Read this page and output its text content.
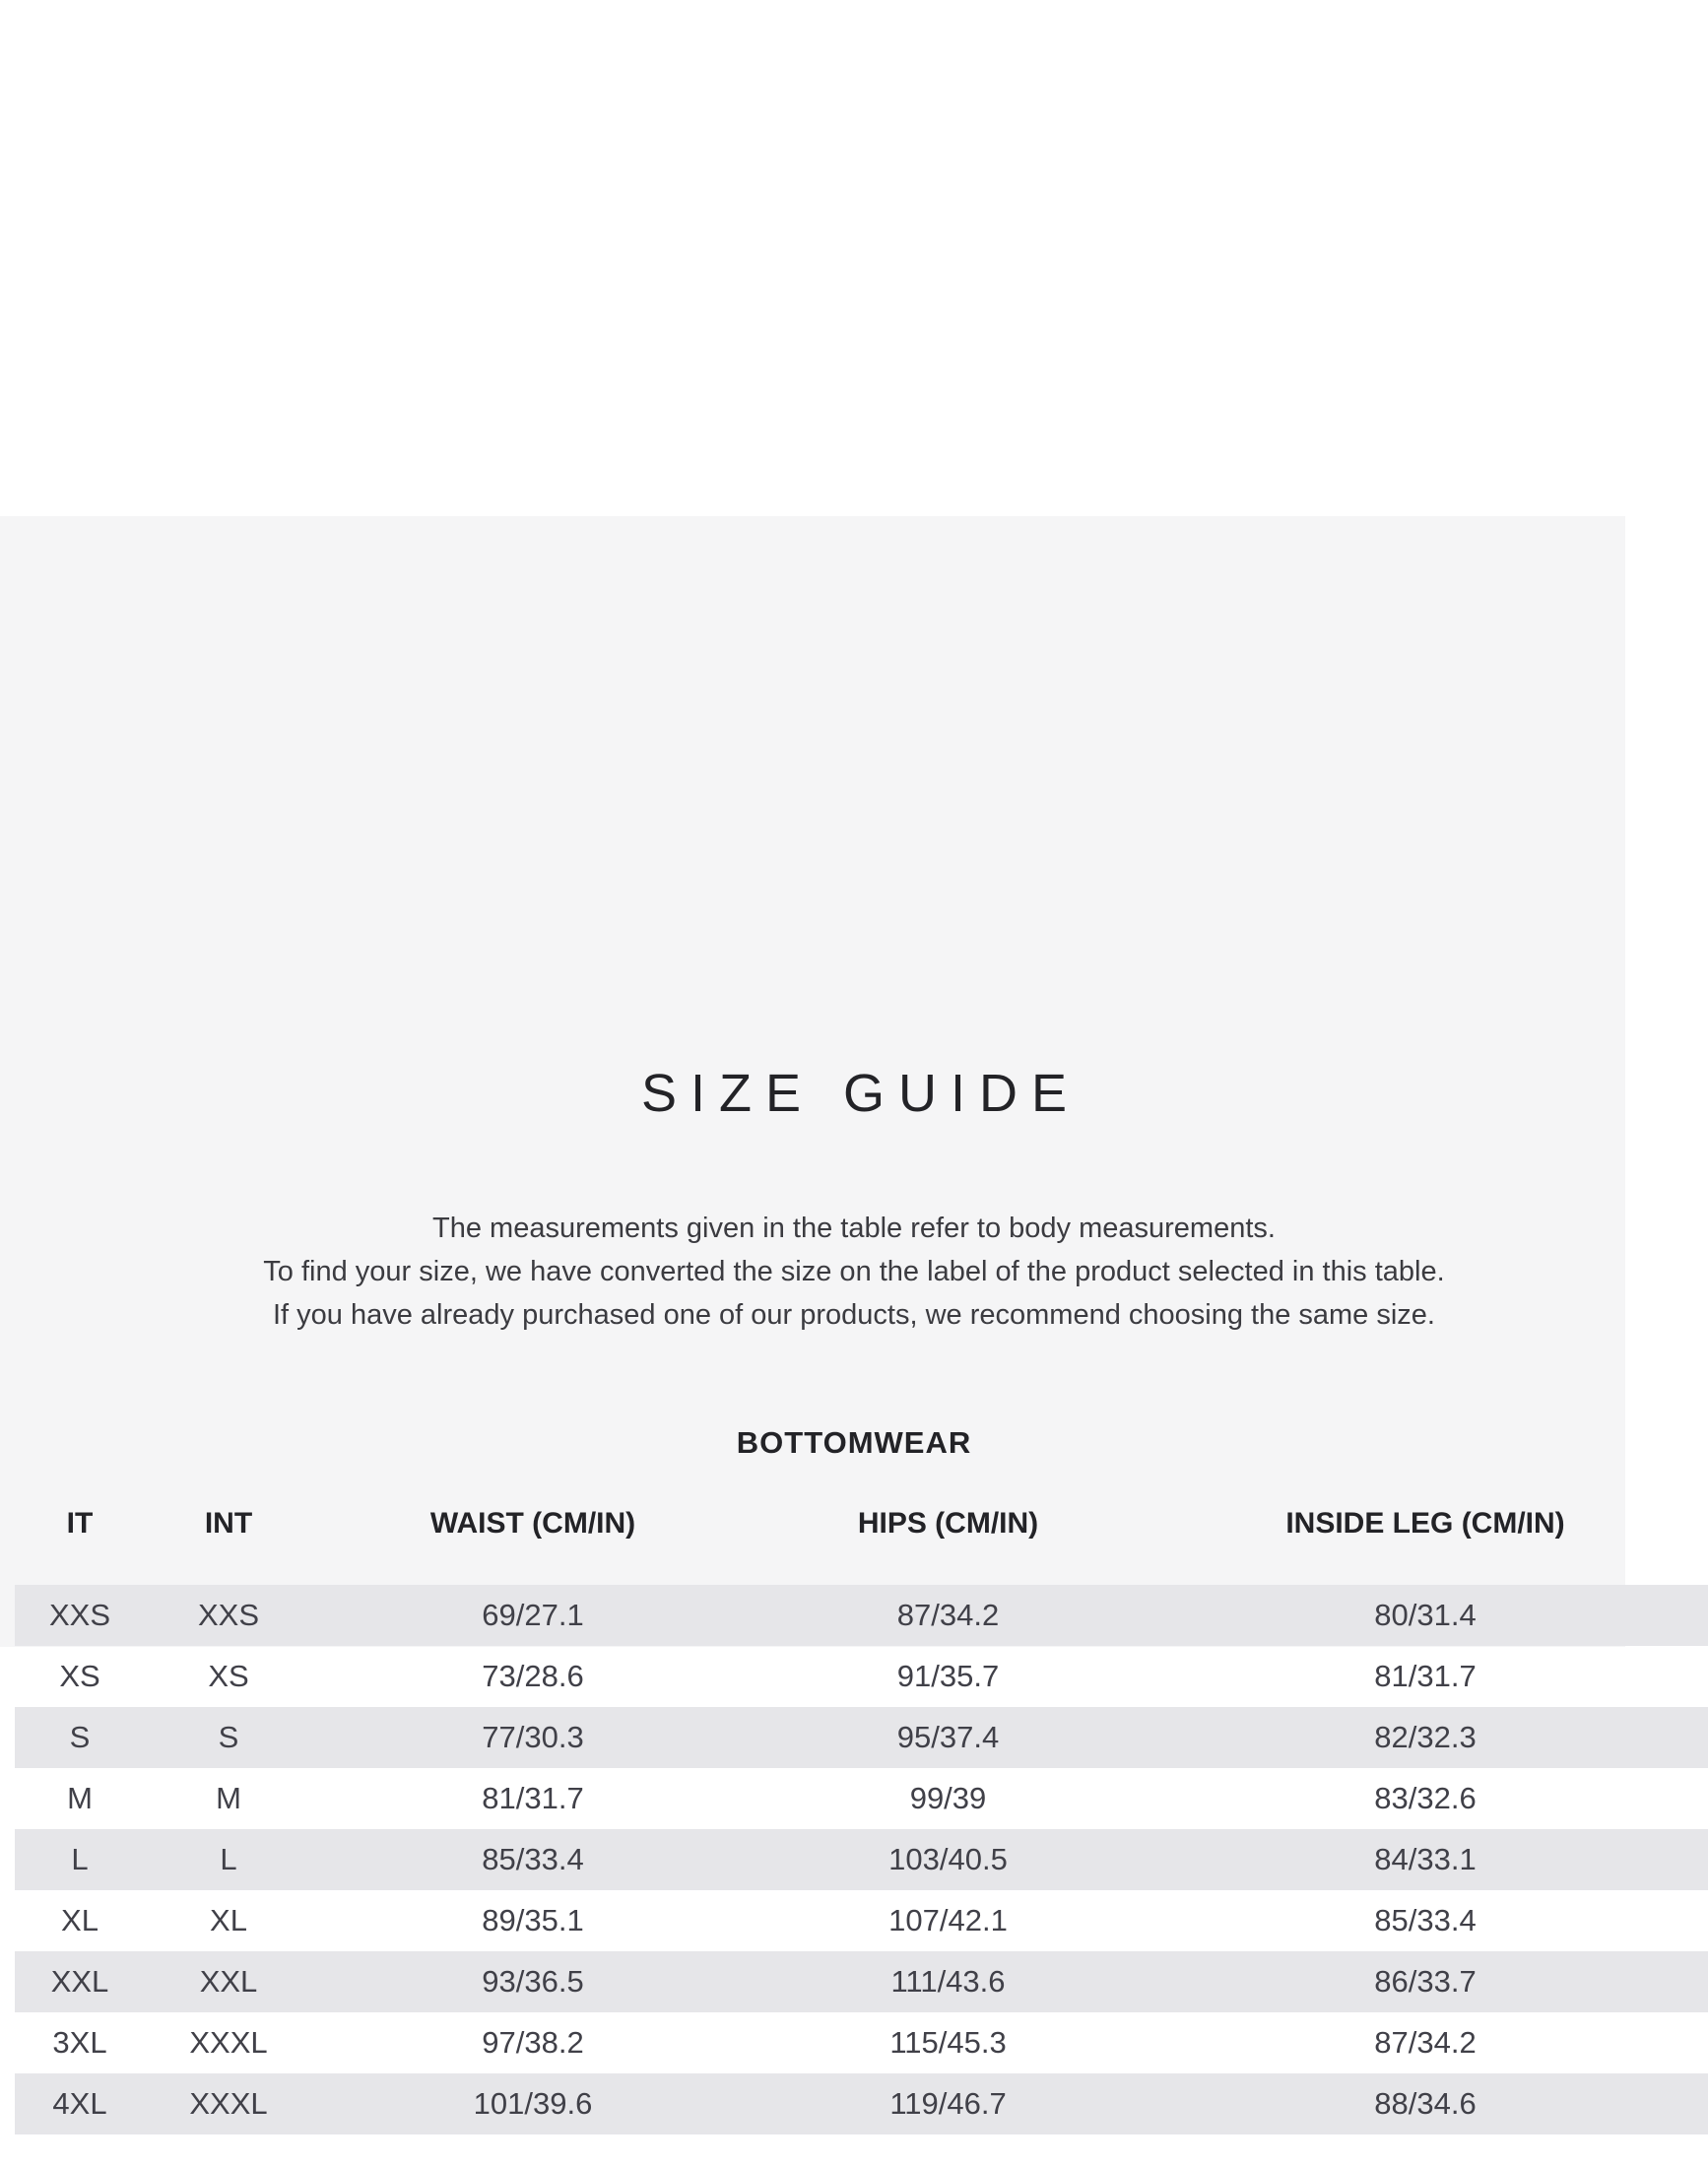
SIZE GUIDE
The measurements given in the table refer to body measurements.
To find your size, we have converted the size on the label of the product selected in this table.
If you have already purchased one of our products, we recommend choosing the same size.
BOTTOMWEAR
IT	INT	WAIST (CM/IN)	HIPS (CM/IN)	INSIDE LEG (CM/IN)
XXS	XXS	69/27.1	87/34.2	80/31.4
XS	XS	73/28.6	91/35.7	81/31.7
S	S	77/30.3	95/37.4	82/32.3
M	M	81/31.7	99/39	83/32.6
L	L	85/33.4	103/40.5	84/33.1
XL	XL	89/35.1	107/42.1	85/33.4
XXL	XXL	93/36.5	111/43.6	86/33.7
3XL	XXXL	97/38.2	115/45.3	87/34.2
4XL	XXXL	101/39.6	119/46.7	88/34.6
